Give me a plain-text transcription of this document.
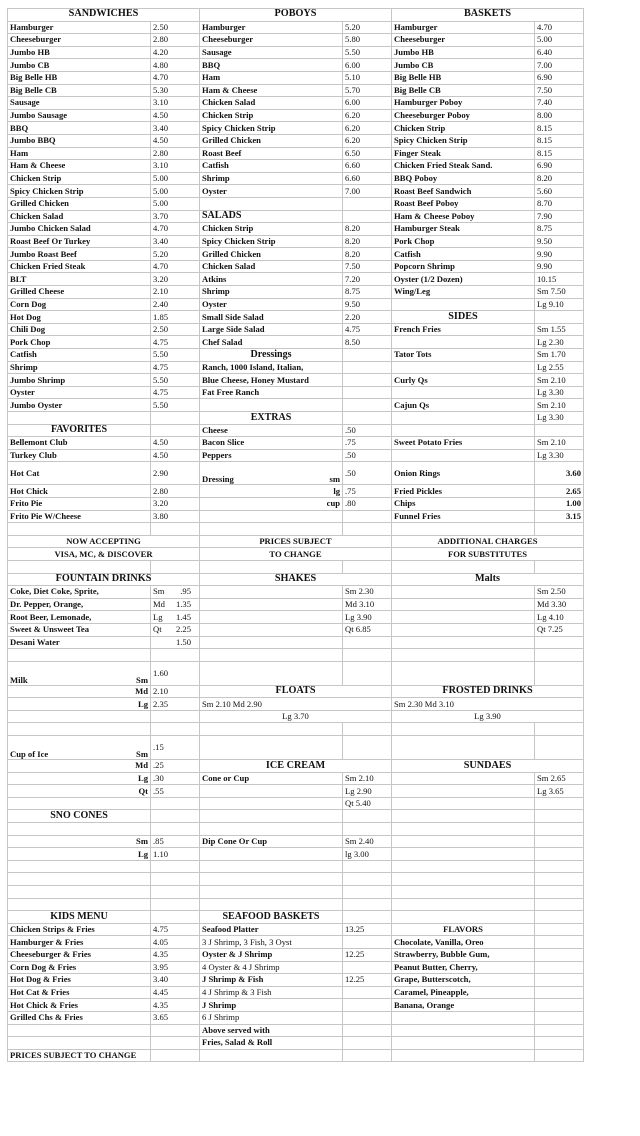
SANDWICHES		POBOYS		BASKETS	
Hamburger	2.50	Hamburger	5.20	Hamburger	4.70
Cheeseburger	2.80	Cheeseburger	5.80	Cheeseburger	5.00
Jumbo HB	4.20	Sausage	5.50	Jumbo HB	6.40
Jumbo CB	4.80	BBQ	6.00	Jumbo CB	7.00
Big Belle HB	4.70	Ham	5.10	Big Belle HB	6.90
Big Belle CB	5.30	Ham & Cheese	5.70	Big Belle CB	7.50
Sausage	3.10	Chicken Salad	6.00	Hamburger Poboy	7.40
Jumbo Sausage	4.50	Chicken Strip	6.20	Cheeseburger Poboy	8.00
BBQ	3.40	Spicy Chicken Strip	6.20	Chicken Strip	8.15
Jumbo BBQ	4.50	Grilled Chicken	6.20	Spicy Chicken Strip	8.15
Ham	2.80	Roast Beef	6.50	Finger Steak	8.15
Ham & Cheese	3.10	Catfish	6.60	Chicken Fried Steak Sand.	6.90
Chicken Strip	5.00	Shrimp	6.60	BBQ Poboy	8.20
Spicy Chicken Strip	5.00	Oyster	7.00	Roast Beef Sandwich	5.60
Grilled Chicken	5.00			Roast Beef Poboy	8.70
Chicken Salad	3.70	SALADS		Ham & Cheese Poboy	7.90
Jumbo Chicken Salad	4.70	Chicken Strip	8.20	Hamburger Steak	8.75
Roast Beef Or Turkey	3.40	Spicy Chicken Strip	8.20	Pork Chop	9.50
Jumbo Roast Beef	5.20	Grilled Chicken	8.20	Catfish	9.90
Chicken Fried Steak	4.70	Chicken Salad	7.50	Popcorn Shrimp	9.90
BLT	3.20	Atkins	7.20	Oyster (1/2 Dozen)	10.15
Grilled Cheese	2.10	Shrimp	8.75	Wing/Leg	Sm 7.50
Corn Dog	2.40	Oyster	9.50		Lg 9.10
Hot Dog	1.85	Small Side Salad	2.20	SIDES	
Chili Dog	2.50	Large Side Salad	4.75	French Fries	Sm 1.55
Pork Chop	4.75	Chef Salad	8.50		Lg 2.30
Catfish	5.50	Dressings		Tator Tots	Sm 1.70
Shrimp	4.75	Ranch, 1000 Island, Italian,			Lg 2.55
Jumbo Shrimp	5.50	Blue Cheese, Honey Mustard		Curly Qs	Sm 2.10
Oyster	4.75	Fat Free Ranch			Lg 3.30
Jumbo Oyster	5.50			Cajun Qs	Sm 2.10
		EXTRAS			Lg 3.30
FAVORITES		Cheese	.50		
Bellemont Club	4.50	Bacon Slice	.75	Sweet Potato Fries	Sm 2.10
Turkey Club	4.50	Peppers	.50		Lg 3.30
Hot Cat	2.90	Dressing sm	.50	Onion Rings	3.60
Hot Chick	2.80	lg	.75	Fried Pickles	2.65
Frito Pie	3.20	cup	.80	Chips	1.00
Frito Pie W/Cheese	3.80			Funnel Fries	3.15

NOW ACCEPTING		PRICES SUBJECT		ADDITIONAL CHARGES	
VISA, MC, & DISCOVER		TO CHANGE		FOR SUBSTITUTES	

FOUNTAIN DRINKS		SHAKES		Malts	
Coke, Diet Coke, Sprite,	Sm .95		Sm 2.30		Sm 2.50
Dr. Pepper, Orange,	Md 1.35		Md 3.10		Md 3.30
Root Beer, Lemonade,	Lg 1.45		Lg 3.90		Lg 4.10
Sweet & Unsweet Tea	Qt 2.25		Qt 6.85		Qt 7.25
Desani Water	1.50				

Milk Sm	1.60				
Md	2.10	FLOATS		FROSTED DRINKS	
Lg	2.35	Sm 2.10 Md 2.90		Sm 2.30 Md 3.10	
		Lg 3.70		Lg 3.90	

Cup of Ice Sm	.15				
Md	.25	ICE CREAM		SUNDAES	
Lg	.30	Cone or Cup	Sm 2.10		Sm 2.65
Qt	.55		Lg 2.90		Lg 3.65
			Qt 5.40		
SNO CONES					

Sm	.85	Dip Cone Or Cup	Sm 2.40		
Lg	1.10		lg 3.00		

KIDS MENU		SEAFOOD BASKETS			
Chicken Strips & Fries	4.75	Seafood Platter	13.25	FLAVORS	
Hamburger & Fries	4.05	3 J Shrimp, 3 Fish, 3 Oyst		Chocolate, Vanilla, Oreo	
Cheeseburger & Fries	4.35	Oyster & J Shrimp	12.25	Strawberry, Bubble Gum,	
Corn Dog & Fries	3.95	4 Oyster & 4 J Shrimp		Peanut Butter, Cherry,	
Hot Dog & Fries	3.40	J Shrimp & Fish	12.25	Grape, Butterscotch,	
Hot Cat & Fries	4.45	4 J Shrimp & 3 Fish		Caramel, Pineapple,	
Hot Chick & Fries	4.35	J Shrimp		Banana, Orange	
Grilled Chs & Fries	3.65	6 J Shrimp			
		Above served with			
		Fries, Salad & Roll			
PRICES SUBJECT TO CHANGE					
